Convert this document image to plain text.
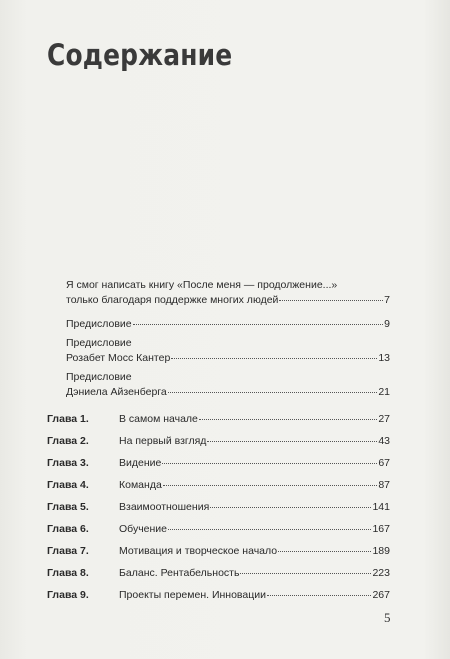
Содержание
Я смог написать книгу «После меня — продолжение...»
только благодаря поддержке многих людей	7
Предисловие	9
Предисловие
Розабет Мосс Кантер	13
Предисловие
Дэниела Айзенберга	21
Глава 1.	В самом начале	27
Глава 2.	На первый взгляд	43
Глава 3.	Видение	67
Глава 4.	Команда	87
Глава 5.	Взаимоотношения	141
Глава 6.	Обучение	167
Глава 7.	Мотивация и творческое начало	189
Глава 8.	Баланс. Рентабельность	223
Глава 9.	Проекты перемен. Инновации	267
5
